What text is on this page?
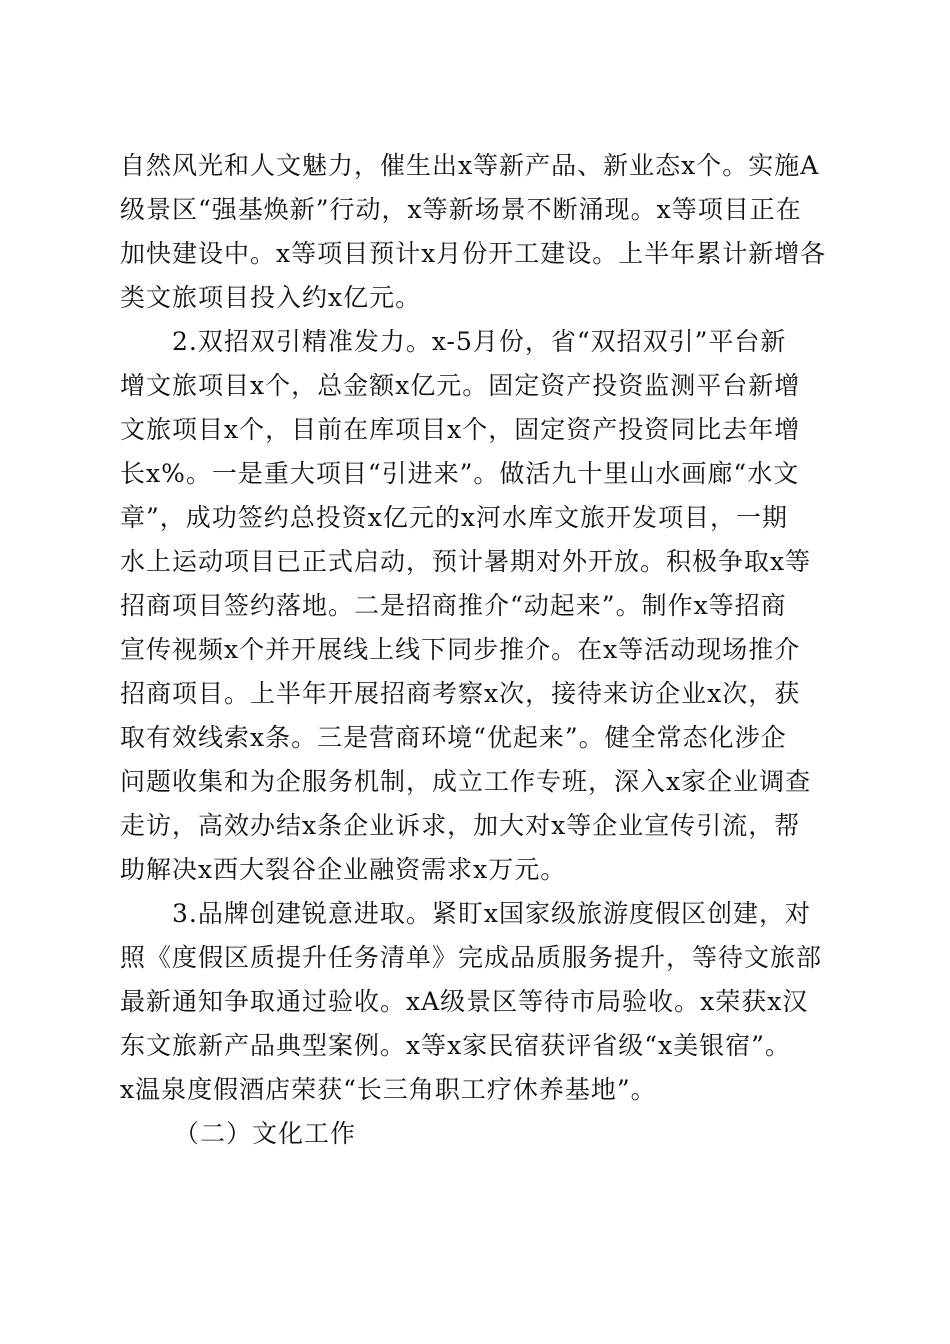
自然风光和人文魅力，催生出x等新产品、新业态x个。实施A
级景区“强基焕新”行动，x等新场景不断涌现。x等项目正在
加快建设中。x等项目预计x月份开工建设。上半年累计新增各
类文旅项目投入约x亿元。
2.双招双引精准发力。x-5月份，省“双招双引”平台新
增文旅项目x个，总金额x亿元。固定资产投资监测平台新增
文旅项目x个，目前在库项目x个，固定资产投资同比去年增
长x%。一是重大项目“引进来”。做活九十里山水画廊“水文
章”，成功签约总投资x亿元的x河水库文旅开发项目，一期
水上运动项目已正式启动，预计暑期对外开放。积极争取x等
招商项目签约落地。二是招商推介“动起来”。制作x等招商
宣传视频x个并开展线上线下同步推介。在x等活动现场推介
招商项目。上半年开展招商考察x次，接待来访企业x次，获
取有效线索x条。三是营商环境“优起来”。健全常态化涉企
问题收集和为企服务机制，成立工作专班，深入x家企业调查
走访，高效办结x条企业诉求，加大对x等企业宣传引流，帮
助解决x西大裂谷企业融资需求x万元。
3.品牌创建锐意进取。紧盯x国家级旅游度假区创建，对
照《度假区质提升任务清单》完成品质服务提升，等待文旅部
最新通知争取通过验收。xA级景区等待市局验收。x荣获x汉
东文旅新产品典型案例。x等x家民宿获评省级“x美银宿”。
x温泉度假酒店荣获“长三角职工疗休养基地”。
（二）文化工作
